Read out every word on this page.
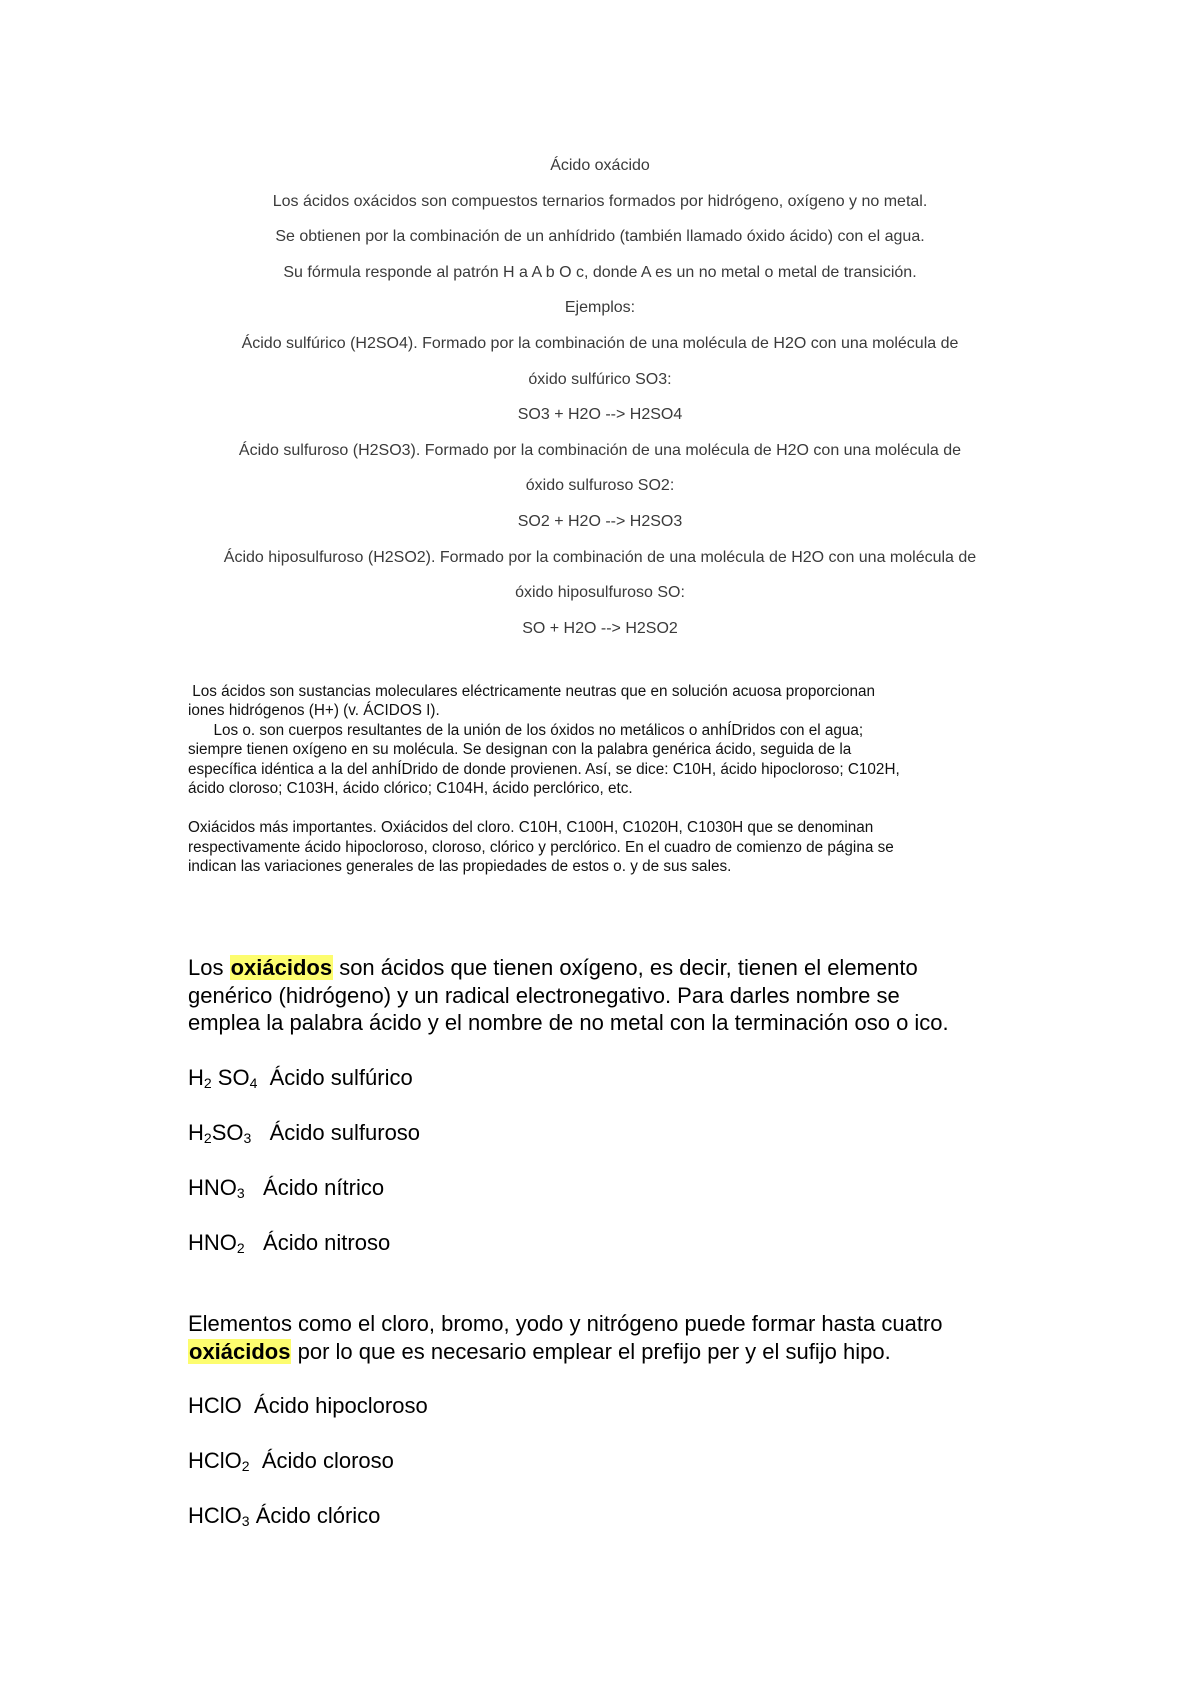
Ácido oxácido
Los ácidos oxácidos son compuestos ternarios formados por hidrógeno, oxígeno y no metal.
Se obtienen por la combinación de un anhídrido (también llamado óxido ácido) con el agua.
Su fórmula responde al patrón H a A b O c, donde A es un no metal o metal de transición.
Ejemplos:
Ácido sulfúrico (H2SO4). Formado por la combinación de una molécula de H2O con una molécula de
óxido sulfúrico SO3:
SO3 + H2O --> H2SO4
Ácido sulfuroso (H2SO3). Formado por la combinación de una molécula de H2O con una molécula de
óxido sulfuroso SO2:
SO2 + H2O --> H2SO3
Ácido hiposulfuroso (H2SO2). Formado por la combinación de una molécula de H2O con una molécula de
óxido hiposulfuroso SO:
SO + H2O --> H2SO2
Los ácidos son sustancias moleculares eléctricamente neutras que en solución acuosa proporcionan
iones hidrógenos (H+) (v. ÁCIDOS I).
Los o. son cuerpos resultantes de la unión de los óxidos no metálicos o anhÍDridos con el agua;
siempre tienen oxígeno en su molécula. Se designan con la palabra genérica ácido, seguida de la
específica idéntica a la del anhÍDrido de donde provienen. Así, se dice: C10H, ácido hipocloroso; C102H,
ácido cloroso; C103H, ácido clórico; C104H, ácido perclórico, etc.
Oxiácidos más importantes. Oxiácidos del cloro. C10H, C100H, C1020H, C1030H que se denominan
respectivamente ácido hipocloroso, cloroso, clórico y perclórico. En el cuadro de comienzo de página se
indican las variaciones generales de las propiedades de estos o. y de sus sales.
Los oxiácidos son ácidos que tienen oxígeno, es decir, tienen el elemento
genérico (hidrógeno) y un radical electronegativo. Para darles nombre se
emplea la palabra ácido y el nombre de no metal con la terminación oso o ico.
$H_2$ $SO_4$ Ácido sulfúrico
$H_2SO_3$ Ácido sulfuroso
$HNO_3$ Ácido nítrico
$HNO_2$ Ácido nitroso
Elementos como el cloro, bromo, yodo y nitrógeno puede formar hasta cuatro
oxiácidos por lo que es necesario emplear el prefijo per y el sufijo hipo.
HClO Ácido hipocloroso
HClO$_2$ Ácido cloroso
HClO$_3$ Ácido clórico
